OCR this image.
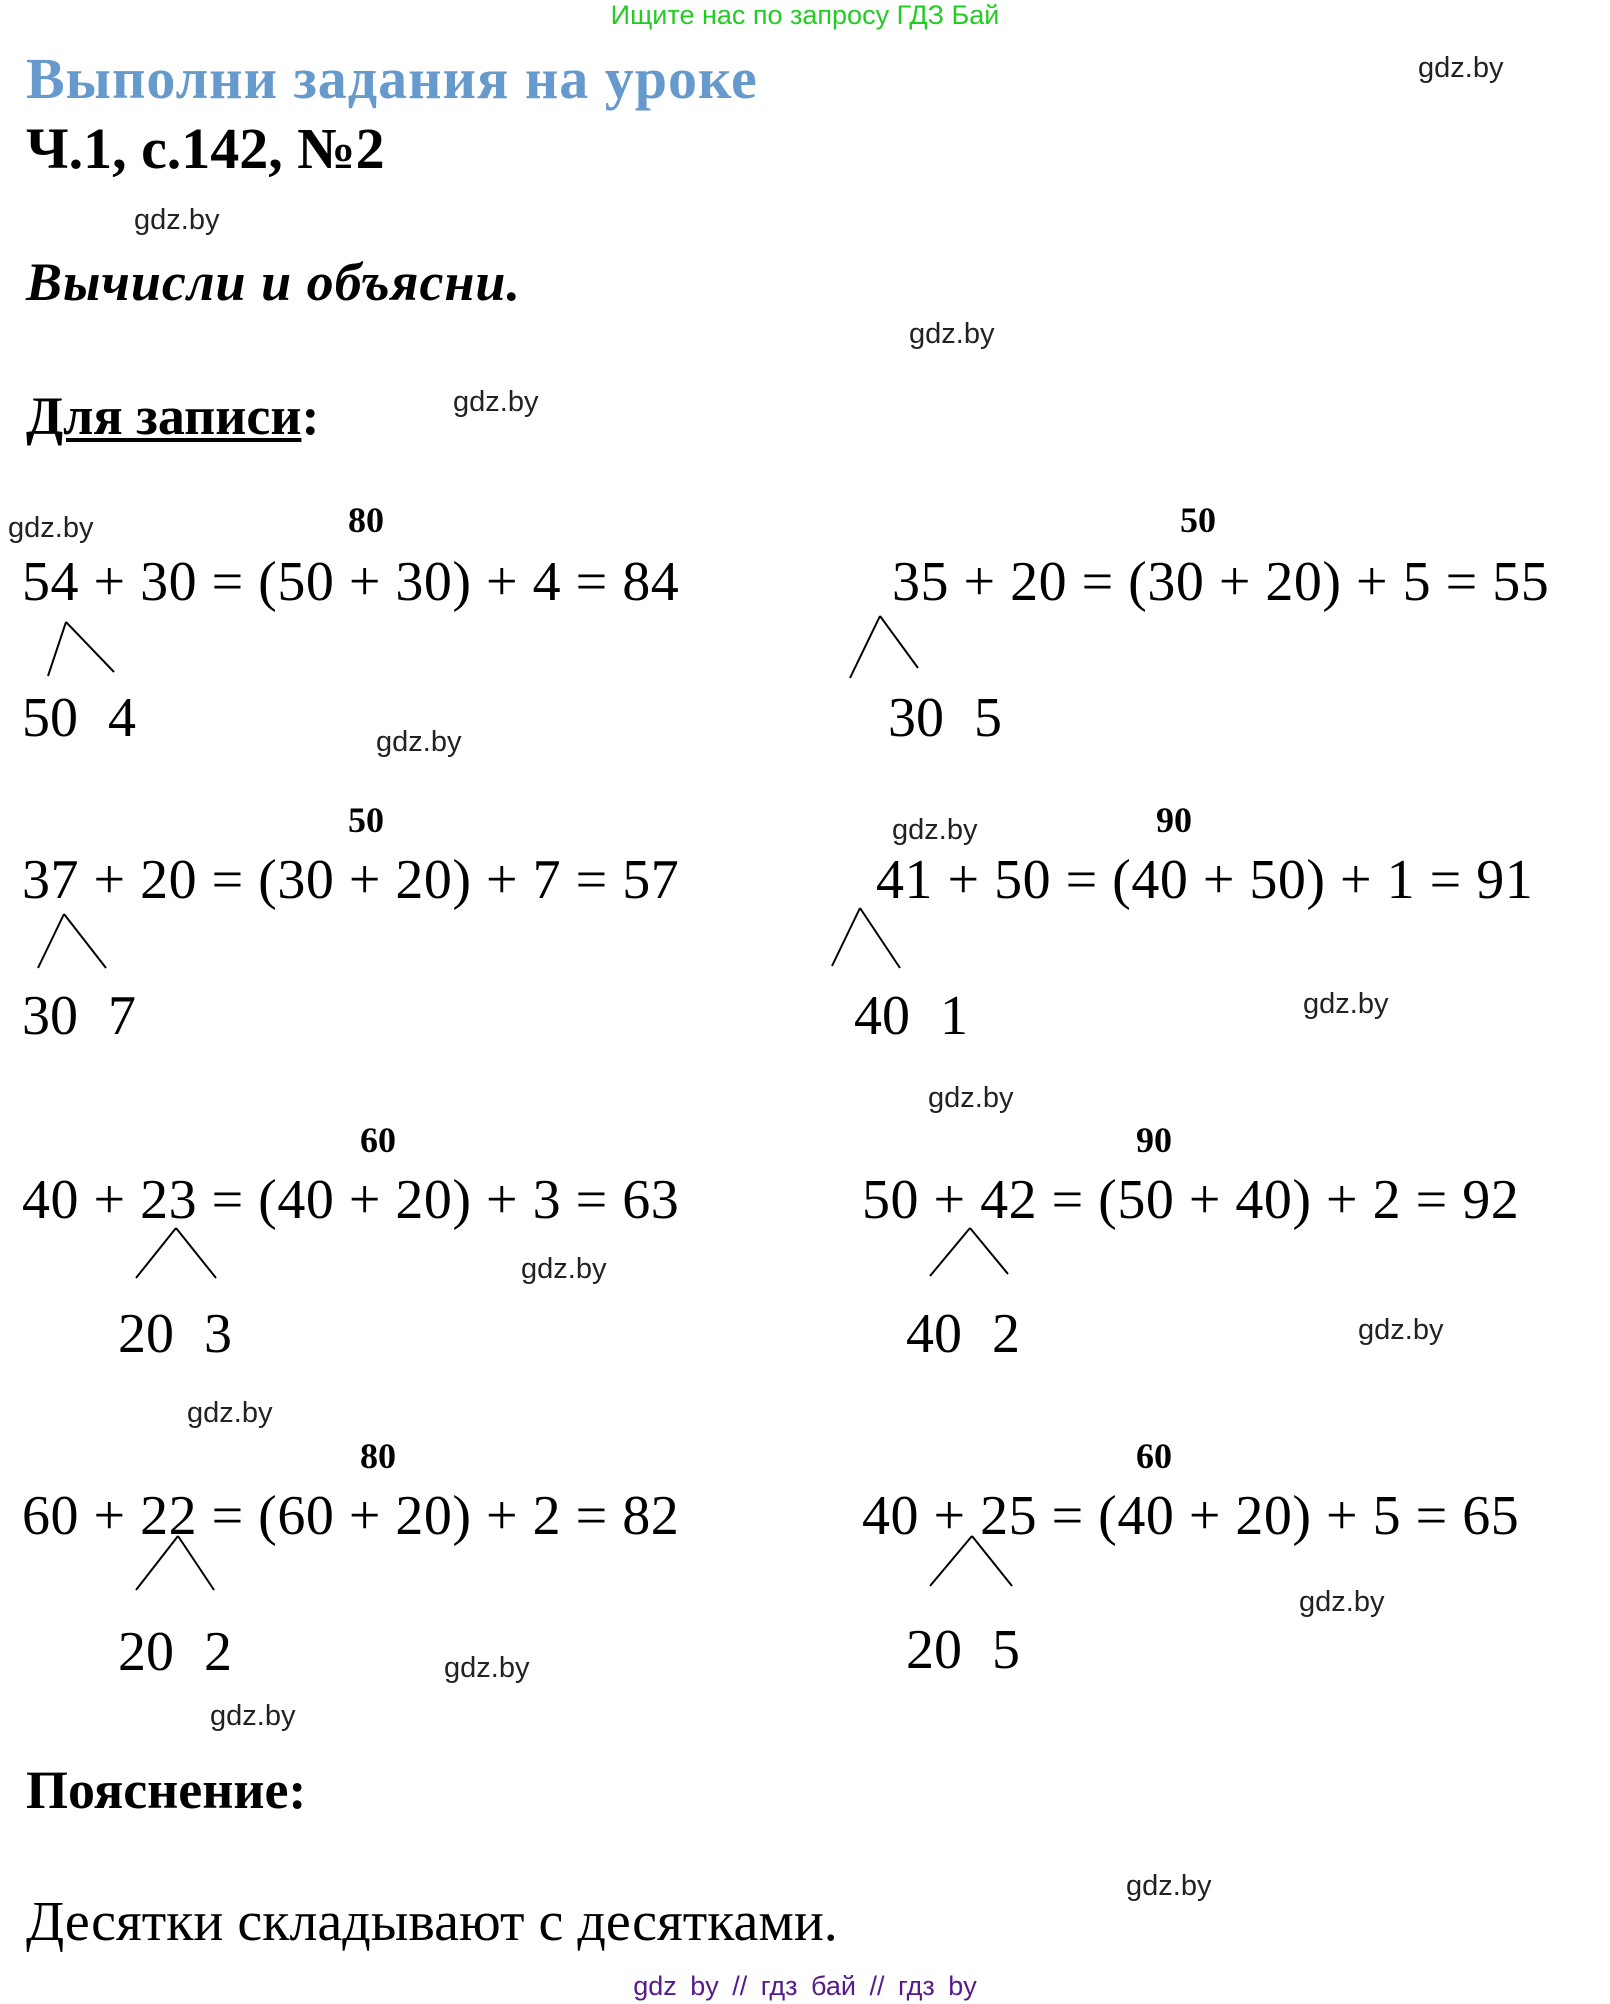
Ищите нас по запросу ГДЗ Бай
Выполни задания на уроке
Ч.1, с.142, №2
Вычисли и объясни.
Для записи:
gdz.by
gdz.by
gdz.by
gdz.by
gdz.by
gdz.by
gdz.by
gdz.by
gdz.by
gdz.by
gdz.by
gdz.by
gdz.by
gdz.by
gdz.by
gdz.by
80
54 + 30 = (50 + 30) + 4 = 84
50 4
50
35 + 20 = (30 + 20) + 5 = 55
30 5
50
37 + 20 = (30 + 20) + 7 = 57
30 7
90
41 + 50 = (40 + 50) + 1 = 91
40 1
60
40 + 23 = (40 + 20) + 3 = 63
20 3
90
50 + 42 = (50 + 40) + 2 = 92
40 2
80
60 + 22 = (60 + 20) + 2 = 82
20 2
60
40 + 25 = (40 + 20) + 5 = 65
20 5
Пояснение:
Десятки складывают с десятками.
gdz by // гдз бай // гдз by
